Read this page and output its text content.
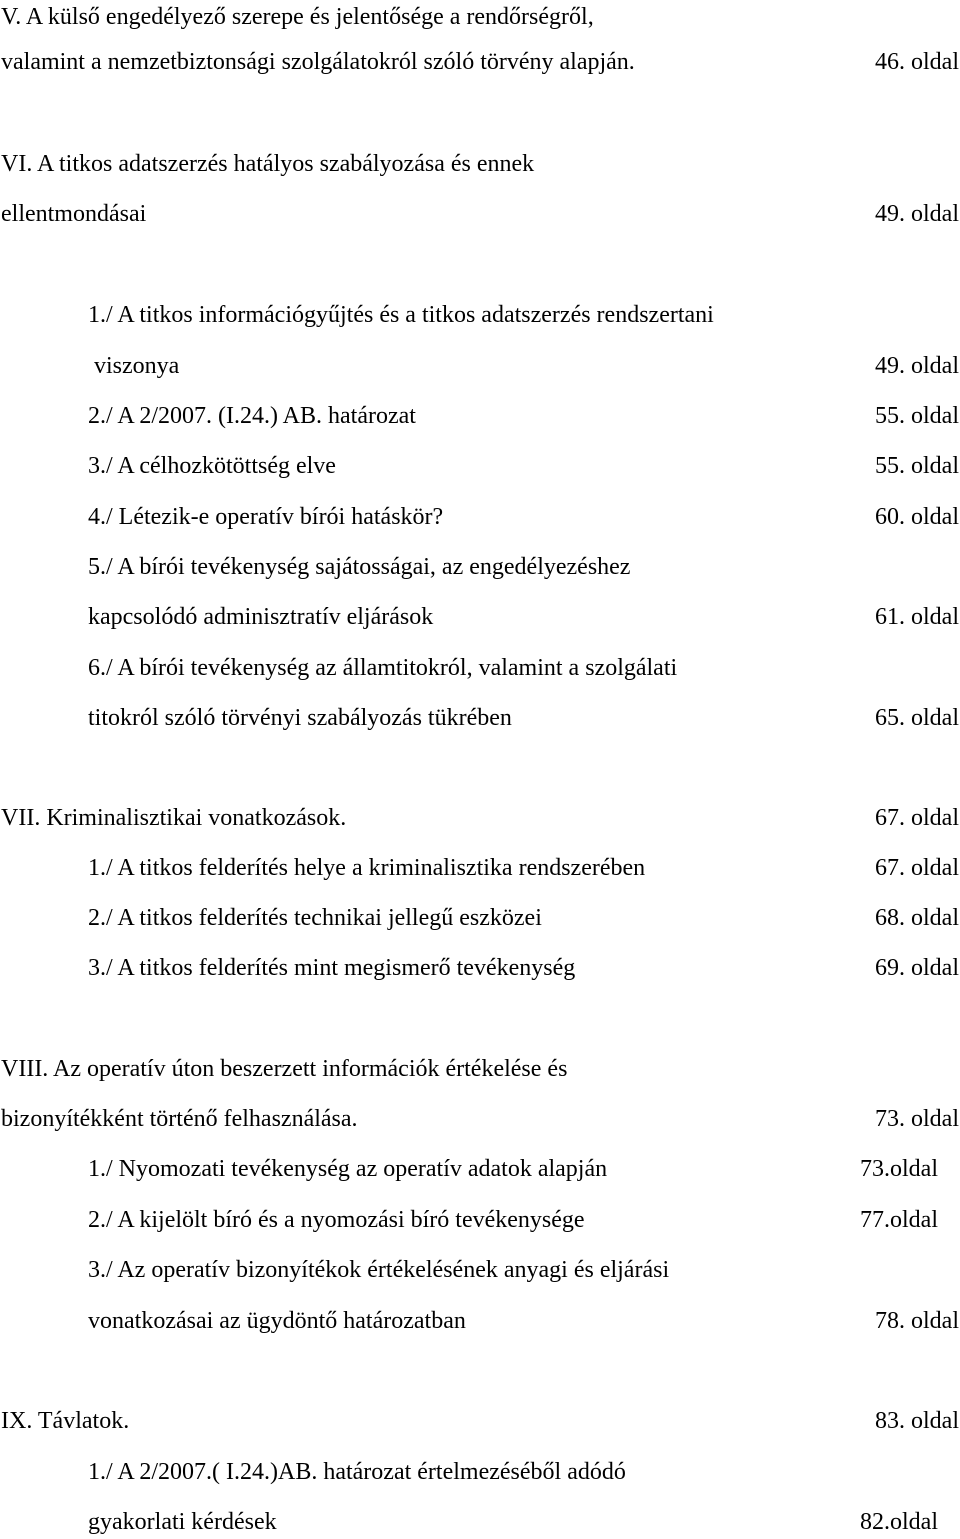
V. A külső engedélyező szerepe és jelentősége a rendőrségről,
valamint a nemzetbiztonsági szolgálatokról szóló törvény alapján.	46. oldal
VI. A titkos adatszerzés hatályos szabályozása és ennek
ellentmondásai	49. oldal
1./ A titkos információgyűjtés és a titkos adatszerzés rendszertani
viszonya	49. oldal
2./ A 2/2007. (I.24.) AB. határozat	55. oldal
3./ A célhozkötöttség elve	55. oldal
4./ Létezik-e operatív bírói hatáskör?	60. oldal
5./ A bírói tevékenység sajátosságai, az engedélyezéshez
kapcsolódó adminisztratív eljárások	61. oldal
6./ A bírói tevékenység az államtitokról, valamint a szolgálati
titokról szóló törvényi szabályozás tükrében	65. oldal
VII. Kriminalisztikai vonatkozások.	67. oldal
1./ A titkos felderítés helye a kriminalisztika rendszerében	67. oldal
2./ A titkos felderítés technikai jellegű eszközei	68. oldal
3./ A titkos felderítés mint megismerő tevékenység	69. oldal
VIII. Az operatív úton beszerzett információk értékelése és
bizonyítékként történő felhasználása.	73. oldal
1./ Nyomozati tevékenység az operatív adatok alapján	73.oldal
2./ A kijelölt bíró és a nyomozási bíró tevékenysége	77.oldal
3./ Az operatív bizonyítékok értékelésének anyagi és eljárási
vonatkozásai az ügydöntő határozatban	78. oldal
IX. Távlatok.	83. oldal
1./ A 2/2007.( I.24.)AB. határozat értelmezéséből adódó
gyakorlati kérdések	82.oldal
